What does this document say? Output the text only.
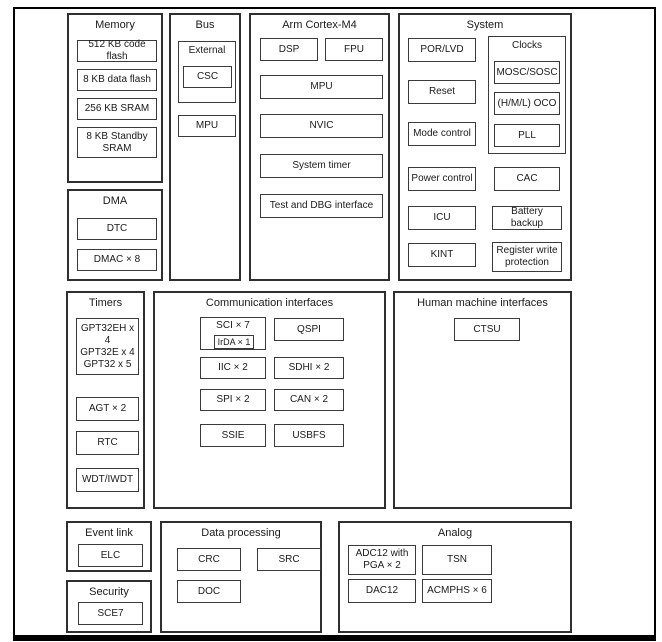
Memory
512 KB code flash
8 KB data flash
256 KB SRAM
8 KB Standby SRAM
DMA
DTC
DMAC × 8
Bus
External
CSC
MPU
Arm Cortex-M4
DSP	FPU
MPU
NVIC
System timer
Test and DBG interface
System
POR/LVD
Reset
Mode control
Power control
ICU
KINT
Clocks
MOSC/SOSC
(H/M/L) OCO
PLL
CAC
Battery backup
Register write protection
Timers
GPT32EH x 4
GPT32E x 4
GPT32 x 5
AGT × 2
RTC
WDT/IWDT
Communication interfaces
SCI × 7
IrDA × 1
IIC × 2
SPI × 2
SSIE
QSPI
SDHI × 2
CAN × 2
USBFS
Human machine interfaces
CTSU
Event link
ELC
Security
SCE7
Data processing
CRC	SRC
DOC
Analog
ADC12 with PGA × 2
TSN
DAC12	ACMPHS × 6
